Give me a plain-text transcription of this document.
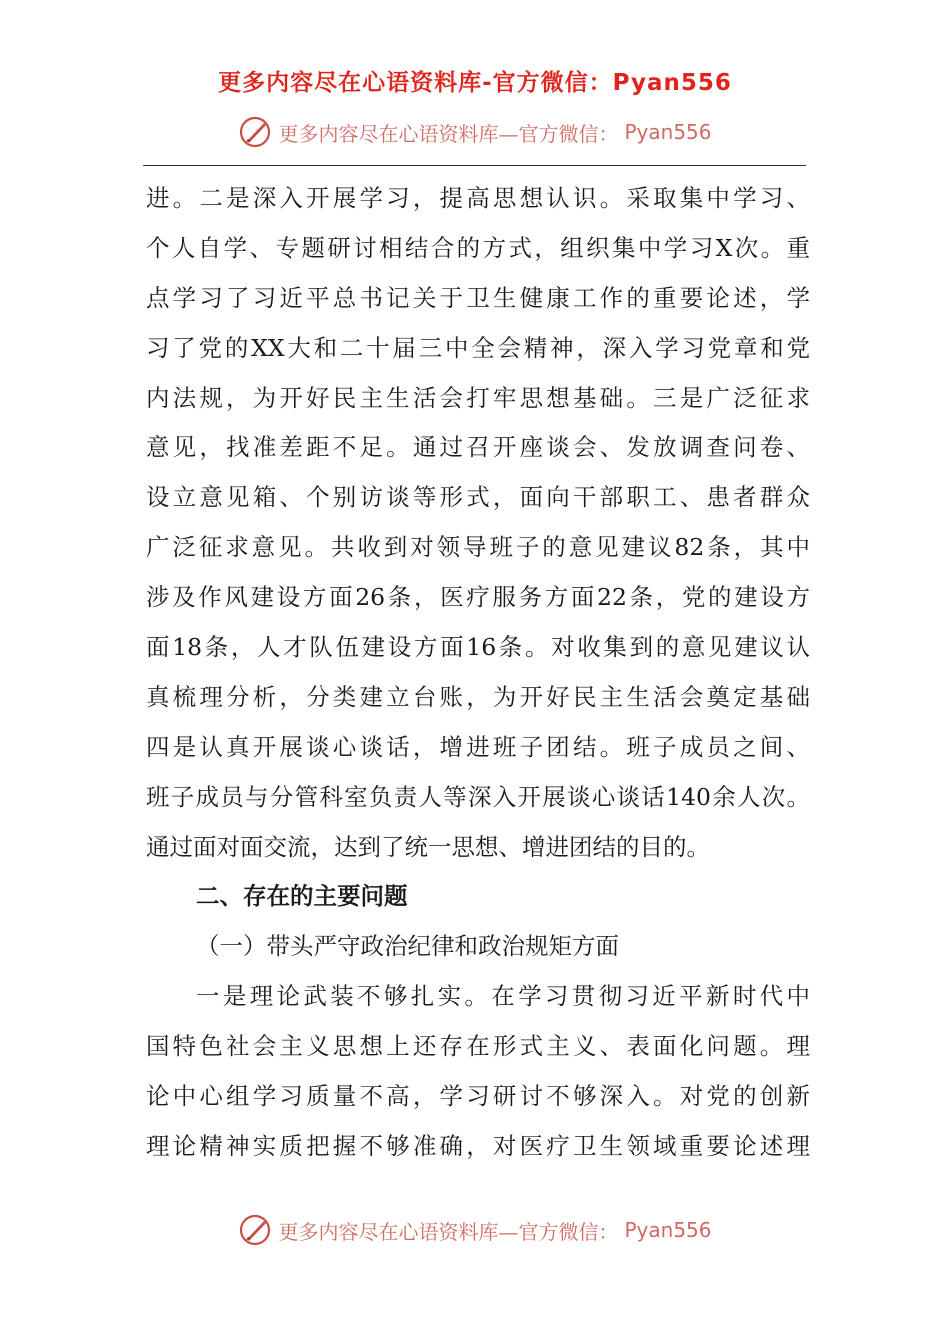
更多内容尽在心语资料库-官方微信：Pyan556
更多内容尽在心语资料库—官方微信： Pyan556
进。二是深入开展学习，提高思想认识。采取集中学习、
个人自学、专题研讨相结合的方式，组织集中学习X次。重
点学习了习近平总书记关于卫生健康工作的重要论述，学
习了党的XX大和二十届三中全会精神，深入学习党章和党
内法规，为开好民主生活会打牢思想基础。三是广泛征求
意见，找准差距不足。通过召开座谈会、发放调查问卷、
设立意见箱、个别访谈等形式，面向干部职工、患者群众
广泛征求意见。共收到对领导班子的意见建议82条，其中
涉及作风建设方面26条，医疗服务方面22条，党的建设方
面18条，人才队伍建设方面16条。对收集到的意见建议认
真梳理分析，分类建立台账，为开好民主生活会奠定基础
四是认真开展谈心谈话，增进班子团结。班子成员之间、
班子成员与分管科室负责人等深入开展谈心谈话140余人次。
通过面对面交流，达到了统一思想、增进团结的目的。
二、存在的主要问题
（一）带头严守政治纪律和政治规矩方面
一是理论武装不够扎实。在学习贯彻习近平新时代中
国特色社会主义思想上还存在形式主义、表面化问题。理
论中心组学习质量不高，学习研讨不够深入。对党的创新
理论精神实质把握不够准确，对医疗卫生领域重要论述理
更多内容尽在心语资料库—官方微信： Pyan556
